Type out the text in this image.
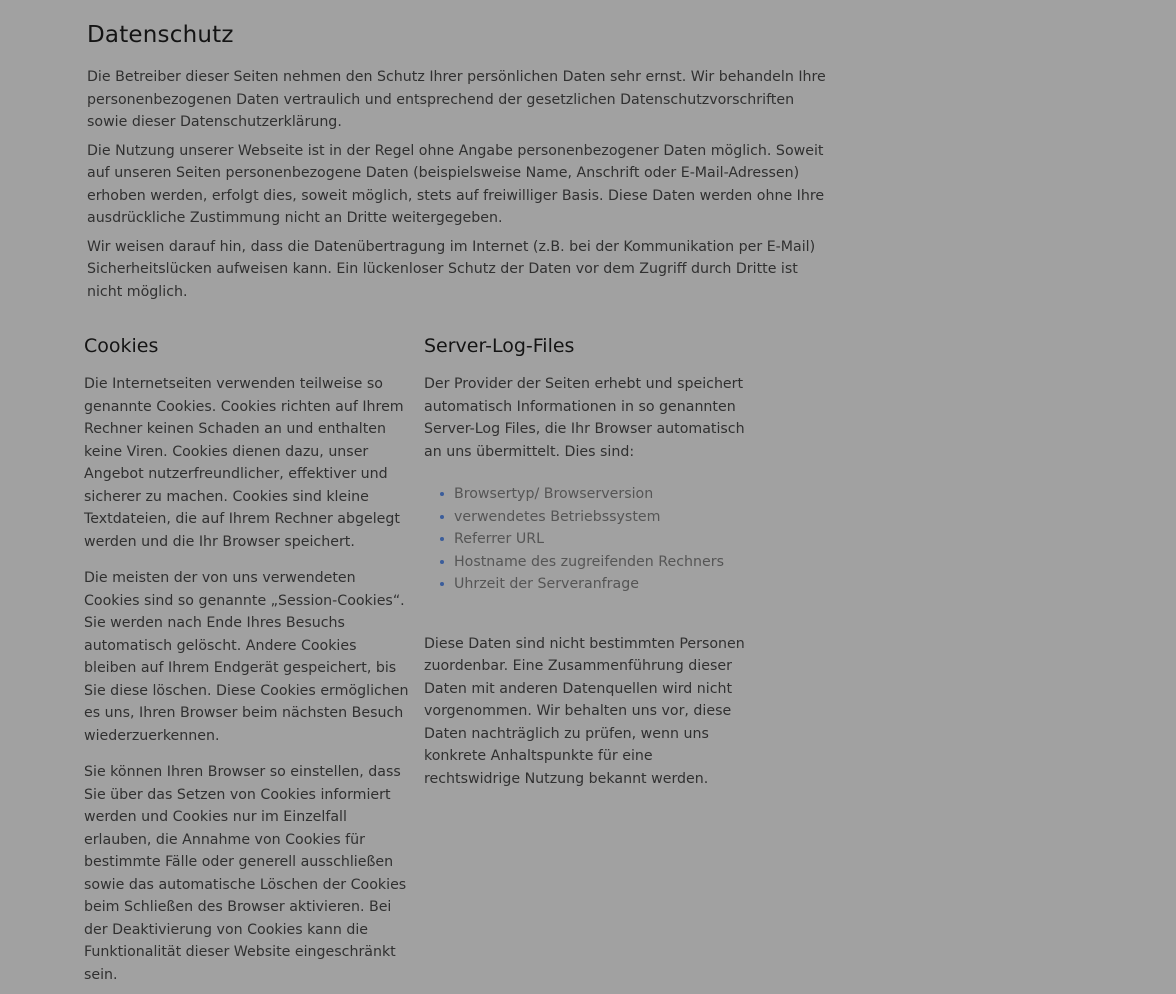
Datenschutz

Die Betreiber dieser Seiten nehmen den Schutz Ihrer persönlichen Daten sehr ernst. Wir behandeln Ihre personenbezogenen Daten vertraulich und entsprechend der gesetzlichen Datenschutzvorschriften sowie dieser Datenschutzerklärung.

Die Nutzung unserer Webseite ist in der Regel ohne Angabe personenbezogener Daten möglich. Soweit auf unseren Seiten personenbezogene Daten (beispielsweise Name, Anschrift oder E-Mail-Adressen) erhoben werden, erfolgt dies, soweit möglich, stets auf freiwilliger Basis. Diese Daten werden ohne Ihre ausdrückliche Zustimmung nicht an Dritte weitergegeben.

Wir weisen darauf hin, dass die Datenübertragung im Internet (z.B. bei der Kommunikation per E-Mail) Sicherheitslücken aufweisen kann. Ein lückenloser Schutz der Daten vor dem Zugriff durch Dritte ist nicht möglich.

Cookies

Die Internetseiten verwenden teilweise so genannte Cookies. Cookies richten auf Ihrem Rechner keinen Schaden an und enthalten keine Viren. Cookies dienen dazu, unser Angebot nutzerfreundlicher, effektiver und sicherer zu machen. Cookies sind kleine Textdateien, die auf Ihrem Rechner abgelegt werden und die Ihr Browser speichert.

Die meisten der von uns verwendeten Cookies sind so genannte „Session-Cookies“. Sie werden nach Ende Ihres Besuchs automatisch gelöscht. Andere Cookies bleiben auf Ihrem Endgerät gespeichert, bis Sie diese löschen. Diese Cookies ermöglichen es uns, Ihren Browser beim nächsten Besuch wiederzuerkennen.

Sie können Ihren Browser so einstellen, dass Sie über das Setzen von Cookies informiert werden und Cookies nur im Einzelfall erlauben, die Annahme von Cookies für bestimmte Fälle oder generell ausschließen sowie das automatische Löschen der Cookies beim Schließen des Browser aktivieren. Bei der Deaktivierung von Cookies kann die Funktionalität dieser Website eingeschränkt sein.

Server-Log-Files

Der Provider der Seiten erhebt und speichert automatisch Informationen in so genannten Server-Log Files, die Ihr Browser automatisch an uns übermittelt. Dies sind:

Browsertyp/ Browserversion
verwendetes Betriebssystem
Referrer URL
Hostname des zugreifenden Rechners
Uhrzeit der Serveranfrage

Diese Daten sind nicht bestimmten Personen zuordenbar. Eine Zusammenführung dieser Daten mit anderen Datenquellen wird nicht vorgenommen. Wir behalten uns vor, diese Daten nachträglich zu prüfen, wenn uns konkrete Anhaltspunkte für eine rechtswidrige Nutzung bekannt werden.
